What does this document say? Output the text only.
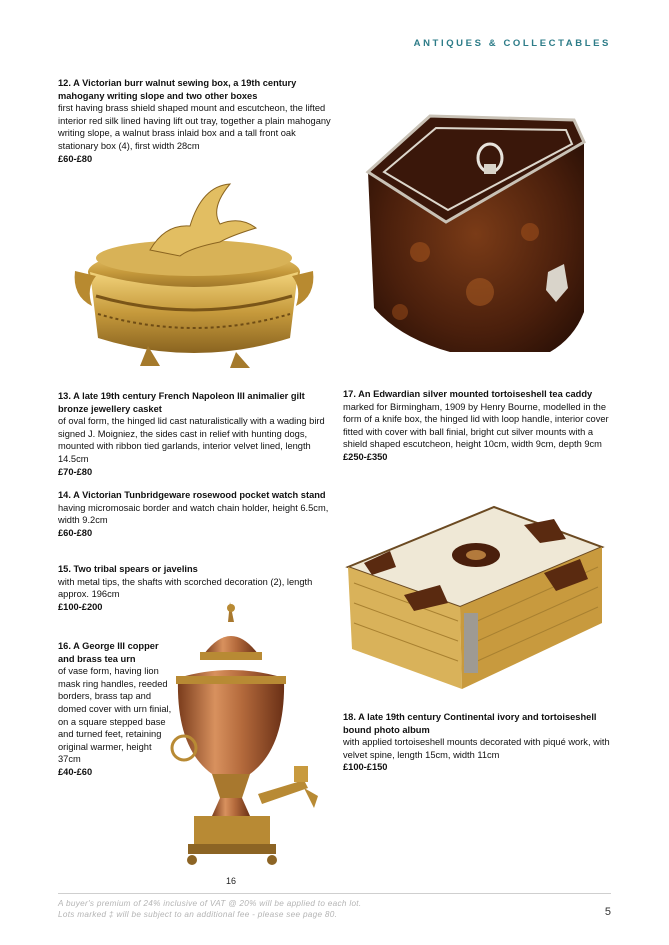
ANTIQUES & COLLECTABLES
12. A Victorian burr walnut sewing box, a 19th century mahogany writing slope and two other boxes
first having brass shield shaped mount and escutcheon, the lifted interior red silk lined having lift out tray, together a plain mahogany writing slope, a walnut brass inlaid box and a tall front oak stationary box (4), first width 28cm
£60-£80
13. A late 19th century French Napoleon III animalier gilt bronze jewellery casket
of oval form, the hinged lid cast naturalistically with a wading bird signed J. Moigniez, the sides cast in relief with hunting dogs, mounted with ribbon tied garlands, interior velvet lined, length 14.5cm
£70-£80
17. An Edwardian silver mounted tortoiseshell tea caddy
marked for Birmingham, 1909 by Henry Bourne, modelled in the form of a knife box, the hinged lid with loop handle, interior cover fitted with cover with ball finial, bright cut silver mounts with a shield shaped escutcheon, height 10cm, width 9cm, depth 9cm
£250-£350
14. A Victorian Tunbridgeware rosewood pocket watch stand
having micromosaic border and watch chain holder, height 6.5cm, width 9.2cm
£60-£80
15. Two tribal spears or javelins
with metal tips, the shafts with scorched decoration (2), length approx. 196cm
£100-£200
16. A George III copper and brass tea urn
of vase form, having lion mask ring handles, reeded borders, brass tap and domed cover with urn finial, on a square stepped base and turned feet, retaining original warmer, height 37cm
£40-£60
16
18. A late 19th century Continental ivory and tortoiseshell bound photo album
with applied tortoiseshell mounts decorated with piqué work, with velvet spine, length 15cm, width 11cm
£100-£150
A buyer's premium of 24% inclusive of VAT @ 20% will be applied to each lot.
Lots marked ‡ will be subject to an additional fee - please see page 80.	5
